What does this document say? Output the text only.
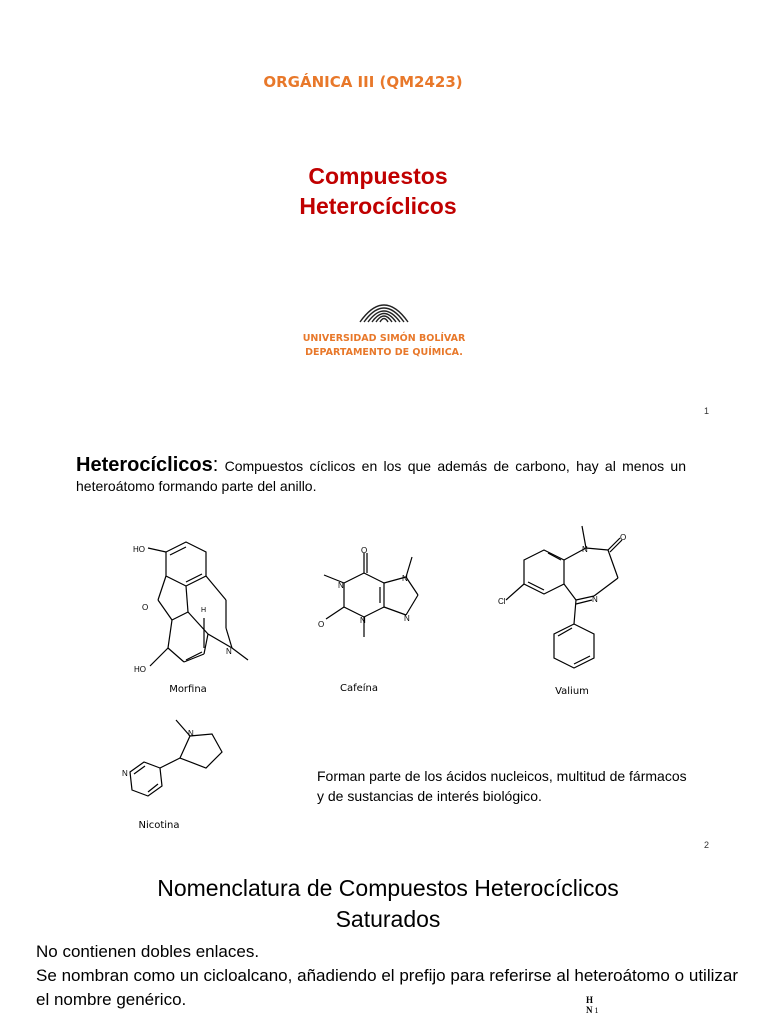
ORGÁNICA III (QM2423)
Compuestos
Heterocíclicos
UNIVERSIDAD SIMÓN BOLÍVAR
DEPARTAMENTO DE QUÍMICA.
1
Heterocíclicos: Compuestos cíclicos en los que además de carbono, hay al menos un heteroátomo formando parte del anillo.
HO
O	H
N
HO
Morfina
O
O
N
N
N
N
Cafeína
Cl
N
O
N
Valium
N
N
Nicotina
Forman parte de los ácidos nucleicos, multitud de fármacos y de sustancias de interés biológico.
2
Nomenclatura de Compuestos Heterocíclicos
Saturados
No contienen dobles enlaces.
Se nombran como un cicloalcano, añadiendo el prefijo para referirse al heteroátomo o utilizar el nombre genérico.	H
N 1
